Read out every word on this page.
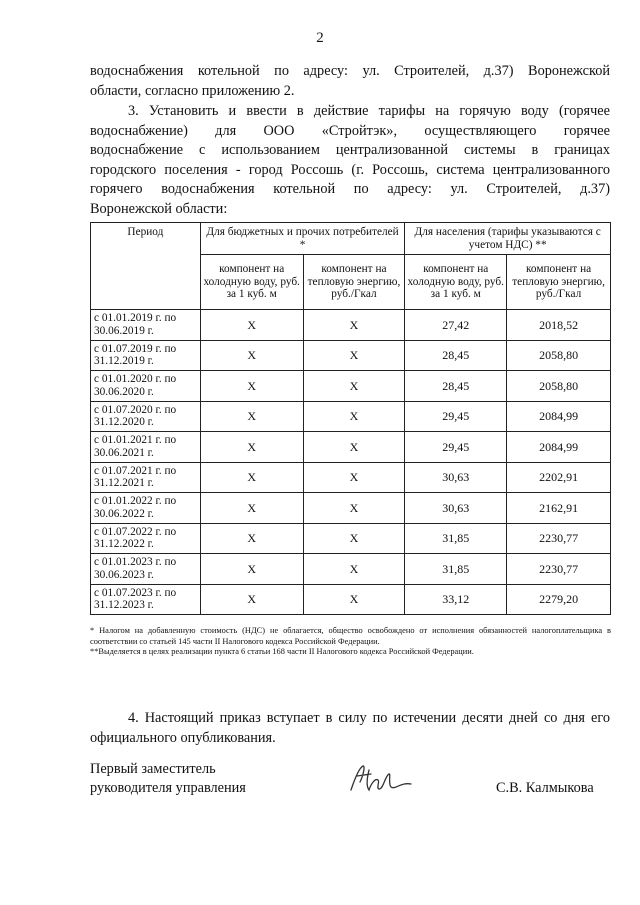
2
водоснабжения котельной по адресу: ул. Строителей, д.37) Воронежской
области, согласно приложению 2.
3. Установить и ввести в действие тарифы на горячую воду (горячее
водоснабжение) для ООО «Стройтэк», осуществляющего горячее
водоснабжение с использованием централизованной системы в границах
городского поселения - город Россошь (г. Россошь, система централизованного
горячего водоснабжения котельной по адресу: ул. Строителей, д.37)
Воронежской области:
Период	Для бюджетных и прочих потребителей *		Для населения (тарифы указываются с учетом НДС) **	
	компонент на холодную воду, руб. за 1 куб. м	компонент на тепловую энергию, руб./Гкал	компонент на холодную воду, руб. за 1 куб. м	компонент на тепловую энергию, руб./Гкал
с 01.01.2019 г. по 30.06.2019 г.	Х	Х	27,42	2018,52
с 01.07.2019 г. по 31.12.2019 г.	Х	Х	28,45	2058,80
с 01.01.2020 г. по 30.06.2020 г.	Х	Х	28,45	2058,80
с 01.07.2020 г. по 31.12.2020 г.	Х	Х	29,45	2084,99
с 01.01.2021 г. по 30.06.2021 г.	Х	Х	29,45	2084,99
с 01.07.2021 г. по 31.12.2021 г.	Х	Х	30,63	2202,91
с 01.01.2022 г. по 30.06.2022 г.	Х	Х	30,63	2162,91
с 01.07.2022 г. по 31.12.2022 г.	Х	Х	31,85	2230,77
с 01.01.2023 г. по 30.06.2023 г.	Х	Х	31,85	2230,77
с 01.07.2023 г. по 31.12.2023 г.	Х	Х	33,12	2279,20

* Налогом на добавленную стоимость (НДС) не облагается, общество освобождено от исполнения обязанностей налогоплательщика в соответствии со статьей 145 части II Налогового кодекса Российской Федерации.

**Выделяется в целях реализации пункта 6 статьи 168 части II Налогового кодекса Российской Федерации.

4. Настоящий приказ вступает в силу по истечении десяти дней со дня его
официального опубликования.
Первый заместитель
руководителя управления	С.В. Калмыкова
